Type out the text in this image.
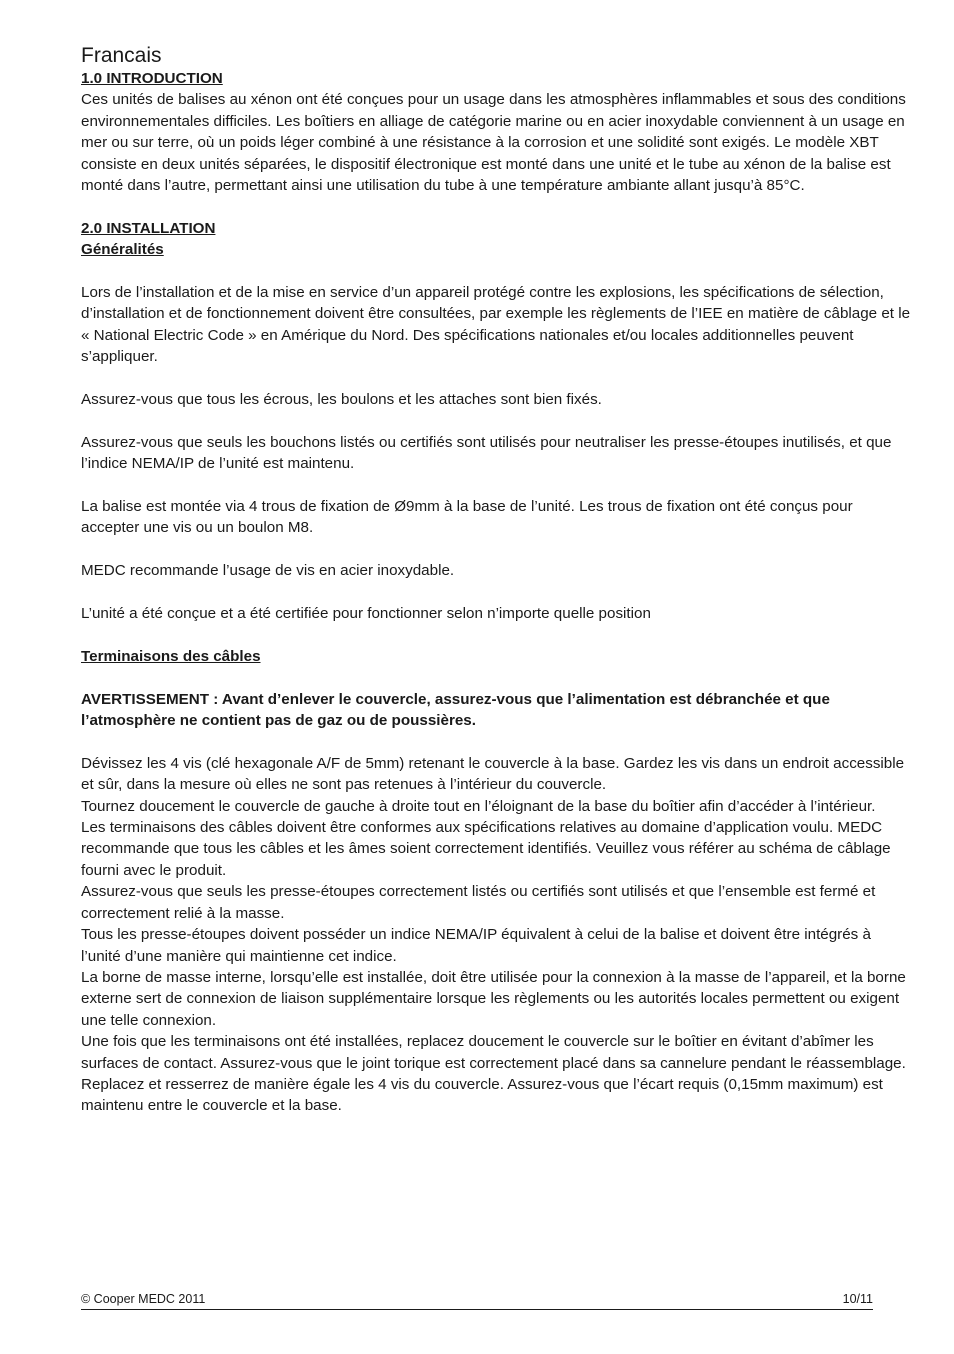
Francais
1.0 INTRODUCTION

Ces unités de balises au xénon ont été conçues pour un usage dans les atmosphères inflammables et sous des conditions environnementales difficiles. Les boîtiers en alliage de catégorie marine ou en acier inoxydable conviennent à un usage en mer ou sur terre, où un poids léger combiné à une résistance à la corrosion et une solidité sont exigés. Le modèle XBT consiste en deux unités séparées, le dispositif électronique est monté dans une unité et le tube au xénon de la balise est monté dans l’autre, permettant ainsi une utilisation du tube à une température ambiante allant jusqu’à 85°C.

2.0 INSTALLATION
Généralités

Lors de l’installation et de la mise en service d’un appareil protégé contre les explosions, les spécifications de sélection, d’installation et de fonctionnement doivent être consultées, par exemple les règlements de l’IEE en matière de câblage et le « National Electric Code » en Amérique du Nord. Des spécifications nationales et/ou locales additionnelles peuvent s’appliquer.

Assurez-vous que tous les écrous, les boulons et les attaches sont bien fixés.

Assurez-vous que seuls les bouchons listés ou certifiés sont utilisés pour neutraliser les presse-étoupes inutilisés, et que l’indice NEMA/IP de l’unité est maintenu.

La balise est montée via 4 trous de fixation de Ø9mm à la base de l’unité. Les trous de fixation ont été conçus pour accepter une vis ou un boulon M8.

MEDC recommande l’usage de vis en acier inoxydable.

L’unité a été conçue et a été certifiée pour fonctionner selon n’importe quelle position

Terminaisons des câbles

AVERTISSEMENT : Avant d’enlever le couvercle, assurez-vous que l’alimentation est débranchée et que l’atmosphère ne contient pas de gaz ou de poussières.

Dévissez les 4 vis (clé hexagonale A/F de 5mm) retenant le couvercle à la base. Gardez les vis dans un endroit accessible et sûr, dans la mesure où elles ne sont pas retenues à l’intérieur du couvercle.

Tournez doucement le couvercle de gauche à droite tout en l’éloignant de la base du boîtier afin d’accéder à l’intérieur.

Les terminaisons des câbles doivent être conformes aux spécifications relatives au domaine d’application voulu. MEDC recommande que tous les câbles et les âmes soient correctement identifiés. Veuillez vous référer au schéma de câblage fourni avec le produit.

Assurez-vous que seuls les presse-étoupes correctement listés ou certifiés sont utilisés et que l’ensemble est fermé et correctement relié à la masse.

Tous les presse-étoupes doivent posséder un indice NEMA/IP équivalent à celui de la balise et doivent être intégrés à l’unité d’une manière qui maintienne cet indice.

La borne de masse interne, lorsqu’elle est installée, doit être utilisée pour la connexion à la masse de l’appareil, et la borne externe sert de connexion de liaison supplémentaire lorsque les règlements ou les autorités locales permettent ou exigent une telle connexion.

Une fois que les terminaisons ont été installées, replacez doucement le couvercle sur le boîtier en évitant d’abîmer les surfaces de contact. Assurez-vous que le joint torique est correctement placé dans sa cannelure pendant le réassemblage. Replacez et resserrez de manière égale les 4 vis du couvercle. Assurez-vous que l’écart requis (0,15mm maximum) est maintenu entre le couvercle et la base.

© Cooper MEDC 2011	10/11
